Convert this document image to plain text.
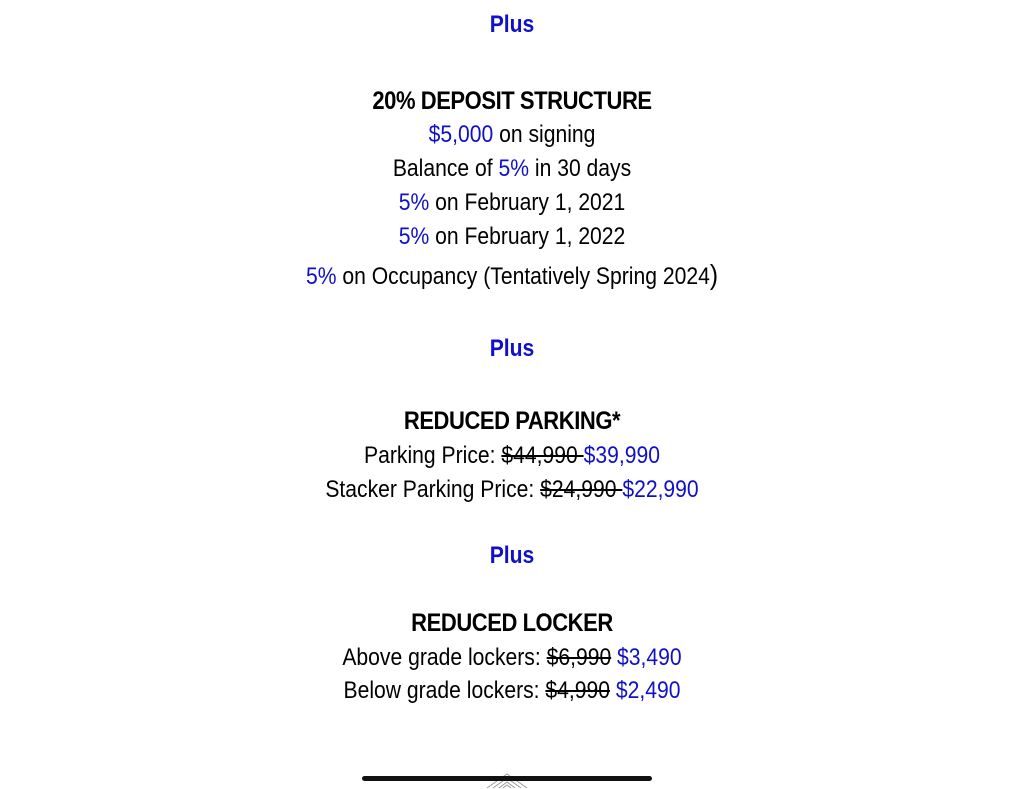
Plus
20% DEPOSIT STRUCTURE
$5,000 on signing
Balance of 5% in 30 days
5% on February 1, 2021
5% on February 1, 2022
5% on Occupancy (Tentatively Spring 2024)
Plus
REDUCED PARKING*
Parking Price: $44,990 $39,990
Stacker Parking Price: $24,990 $22,990
Plus
REDUCED LOCKER
Above grade lockers: $6,990 $3,490
Below grade lockers: $4,990 $2,490
